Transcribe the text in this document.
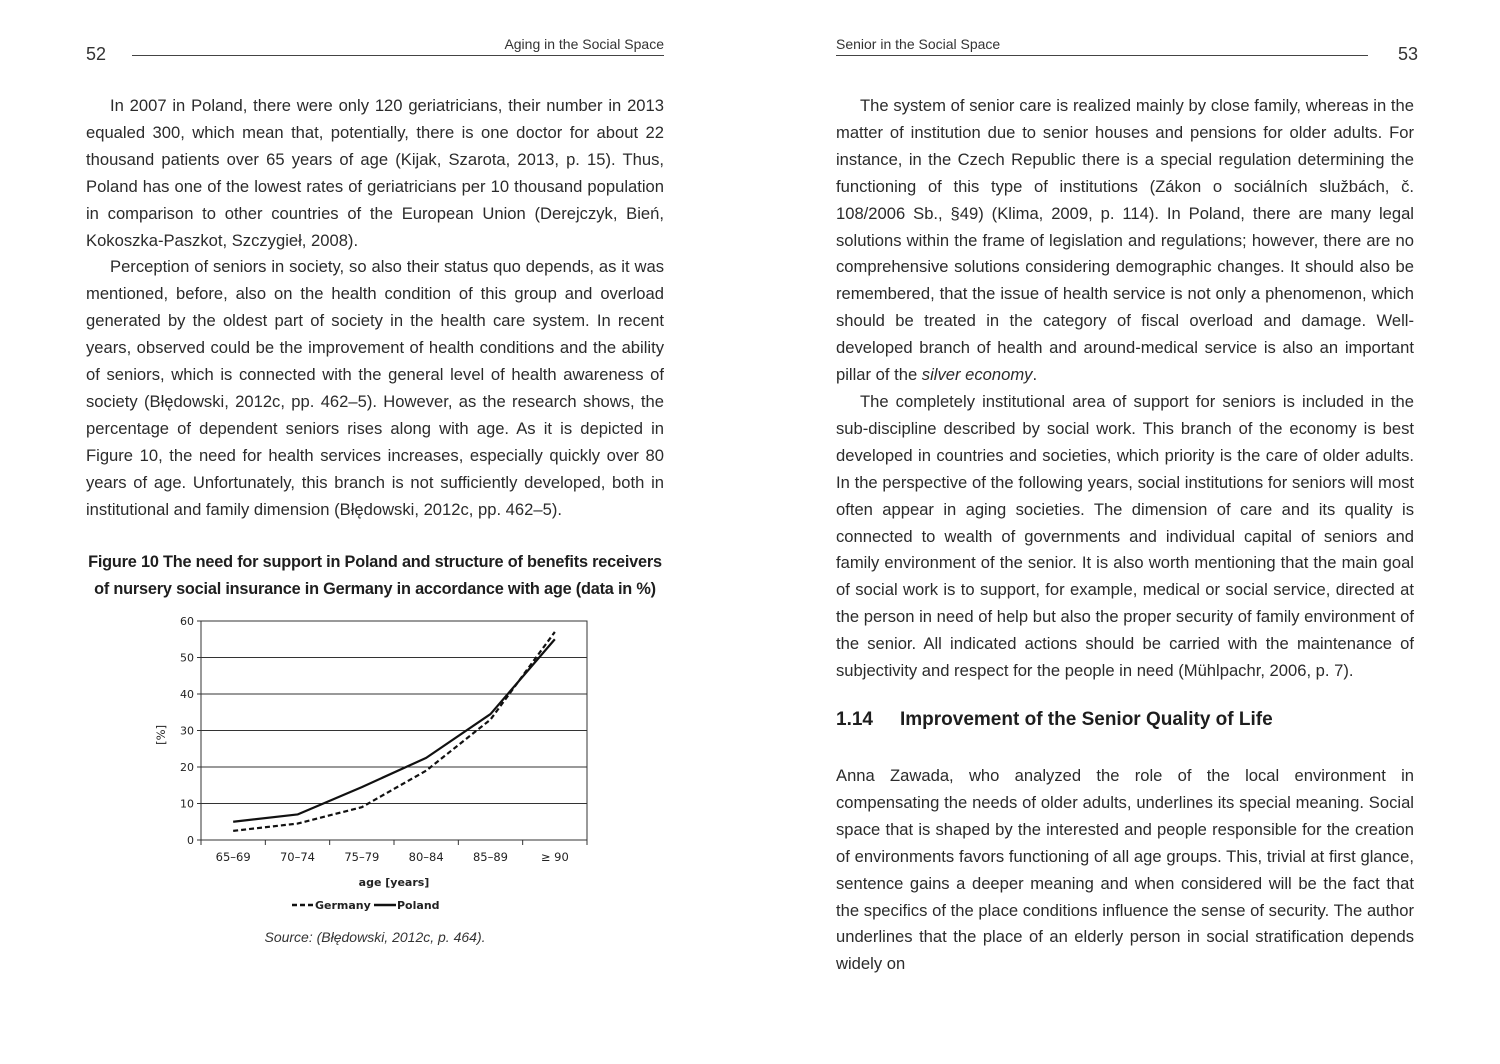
52	Aging in the Social Space

In 2007 in Poland, there were only 120 geriatricians, their number in 2013 equaled 300, which mean that, potentially, there is one doctor for about 22 thousand patients over 65 years of age (Kijak, Szarota, 2013, p. 15). Thus, Poland has one of the lowest rates of geriatricians per 10 thousand population in comparison to other countries of the European Union (Derejczyk, Bień, Kokoszka-Paszkot, Szczygieł, 2008).

Perception of seniors in society, so also their status quo depends, as it was mentioned, before, also on the health condition of this group and overload generated by the oldest part of society in the health care system. In recent years, observed could be the improvement of health conditions and the ability of seniors, which is connected with the general level of health awareness of society (Błędowski, 2012c, pp. 462–5). However, as the research shows, the percentage of dependent seniors rises along with age. As it is depicted in Figure 10, the need for health services increases, especially quickly over 80 years of age. Unfortunately, this branch is not sufficiently developed, both in institutional and family dimension (Błędowski, 2012c, pp. 462–5).

Figure 10 The need for support in Poland and structure of benefits receivers of nursery social insurance in Germany in accordance with age (data in %)
0
10
20
30
40
50
60
65–69	70–74	75–79	80–84	85–89	≥ 90
age [years]
[%]
Germany Poland
Source: (Błędowski, 2012c, p. 464).
53
Senior in the Social Space

The system of senior care is realized mainly by close family, whereas in the matter of institution due to senior houses and pensions for older adults. For instance, in the Czech Republic there is a special regulation determining the functioning of this type of institutions (Zákon o sociálních službách, č. 108/2006 Sb., §49) (Klima, 2009, p. 114). In Poland, there are many legal solutions within the frame of legislation and regulations; however, there are no comprehensive solutions considering demographic changes. It should also be remembered, that the issue of health service is not only a phenomenon, which should be treated in the category of fiscal overload and damage. Well-developed branch of health and around-medical service is also an important pillar of the silver economy.

The completely institutional area of support for seniors is included in the sub-discipline described by social work. This branch of the economy is best developed in countries and societies, which priority is the care of older adults. In the perspective of the following years, social institutions for seniors will most often appear in aging societies. The dimension of care and its quality is connected to wealth of governments and individual capital of seniors and family environment of the senior. It is also worth mentioning that the main goal of social work is to support, for example, medical or social service, directed at the person in need of help but also the proper security of family environment of the senior. All indicated actions should be carried with the maintenance of subjectivity and respect for the people in need (Mühlpachr, 2006, p. 7).

1.14 Improvement of the Senior Quality of Life

Anna Zawada, who analyzed the role of the local environment in compensating the needs of older adults, underlines its special meaning. Social space that is shaped by the interested and people responsible for the creation of environments favors functioning of all age groups. This, trivial at first glance, sentence gains a deeper meaning and when considered will be the fact that the specifics of the place conditions influence the sense of security. The author underlines that the place of an elderly person in social stratification depends widely on
